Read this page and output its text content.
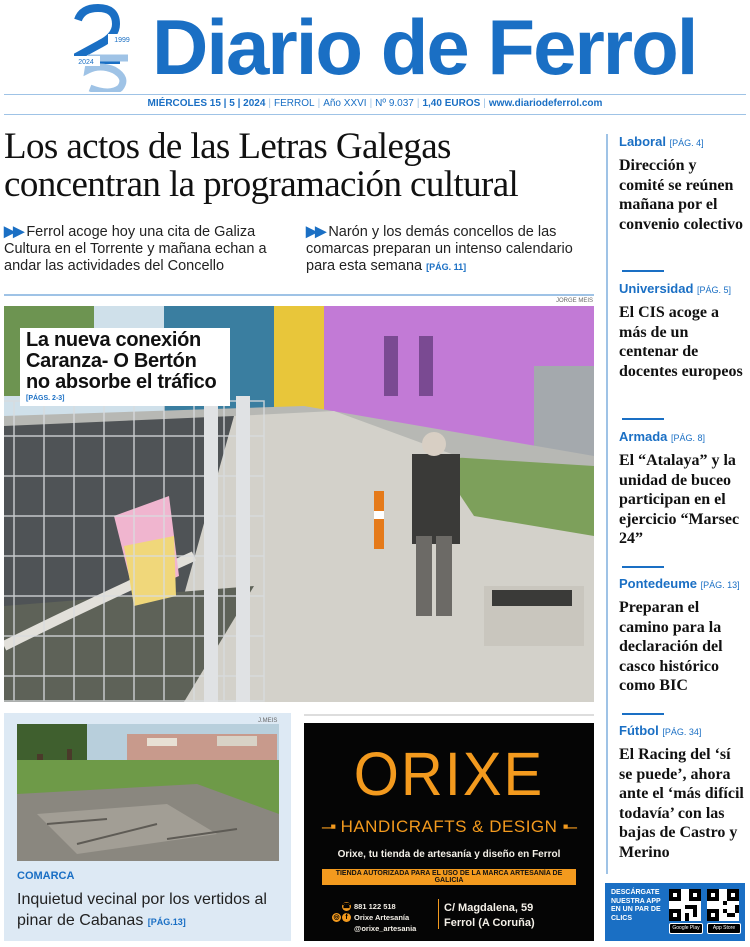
1999
2024 Diario de Ferrol
MIÉRCOLES 15 | 5 | 2024 | FERROL | Año XXVI | Nº 9.037 | 1,40 EUROS | www.diariodeferrol.com
Los actos de las Letras Galegas concentran la programación cultural
▶▶ Ferrol acoge hoy una cita de Galiza Cultura en el Torrente y mañana echan a andar las actividades del Concello
▶▶ Narón y los demás concellos de las comarcas preparan un intenso calendario para esta semana [PÁG. 11]
JORGE MEIS
La nueva conexión Caranza- O Bertón no absorbe el tráfico
[PÁGS. 2-3]
J.MEIS
COMARCA
Inquietud vecinal por los vertidos al pinar de Cabanas [PÁG.13]
ORIXE
–▪ HANDICRAFTS & DESIGN ▪–
Orixe, tu tienda de artesanía y diseño en Ferrol
TIENDA AUTORIZADA PARA EL USO DE LA MARCA ARTESANÍA DE GALICIA
☎
f
◎
881 122 518
Orixe Artesanía
@orixe_artesania
C/ Magdalena, 59
Ferrol (A Coruña)
Laboral [PÁG. 4]
Dirección y comité se reúnen mañana por el convenio colectivo
Universidad [PÁG. 5]
El CIS acoge a más de un centenar de docentes europeos
Armada [PÁG. 8]
El “Atalaya” y la unidad de buceo participan en el ejercicio “Marsec 24”
Pontedeume [PÁG. 13]
Preparan el camino para la declaración del casco histórico como BIC
Fútbol [PÁG. 34]
El Racing del ‘sí se puede’, ahora ante el ‘más difícil todavía’ con las bajas de Castro y Merino
DESCÁRGATE NUESTRA APP EN UN PAR DE CLICS
Google Play	App Store
